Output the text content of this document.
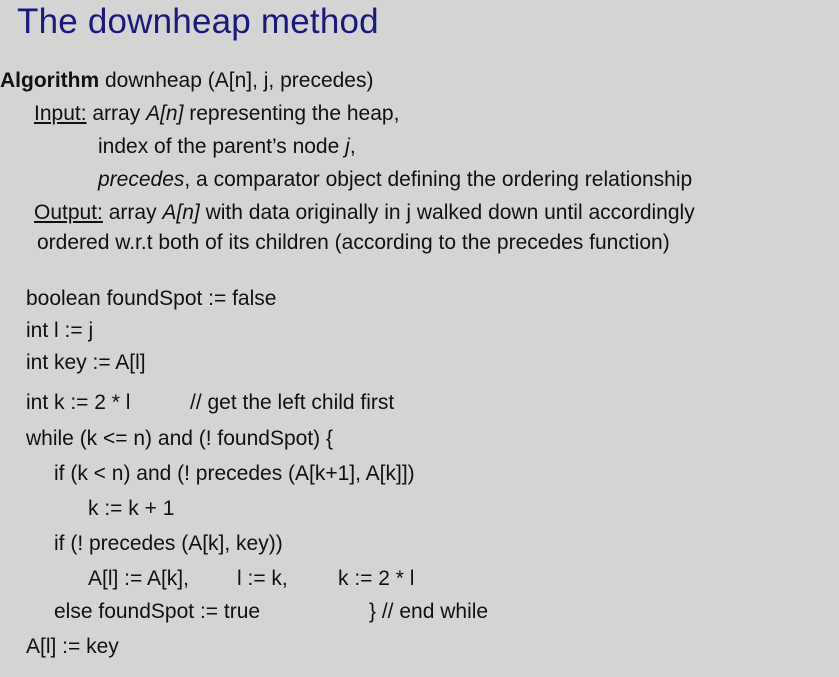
The downheap method
Algorithm downheap (A[n], j, precedes)
Input: array A[n] representing the heap,
index of the parent’s node j,
precedes, a comparator object defining the ordering relationship
Output: array A[n] with data originally in j walked down until accordingly
ordered w.r.t both of its children (according to the precedes function)
boolean foundSpot := false
int l := j
int key := A[l]
int k := 2 * l	// get the left child first
while (k <= n) and (! foundSpot) {
if (k < n) and (! precedes (A[k+1], A[k]])
k := k + 1
if (! precedes (A[k], key))
A[l] := A[k], l := k, k := 2 * l
else foundSpot := true	} // end while
A[l] := key
